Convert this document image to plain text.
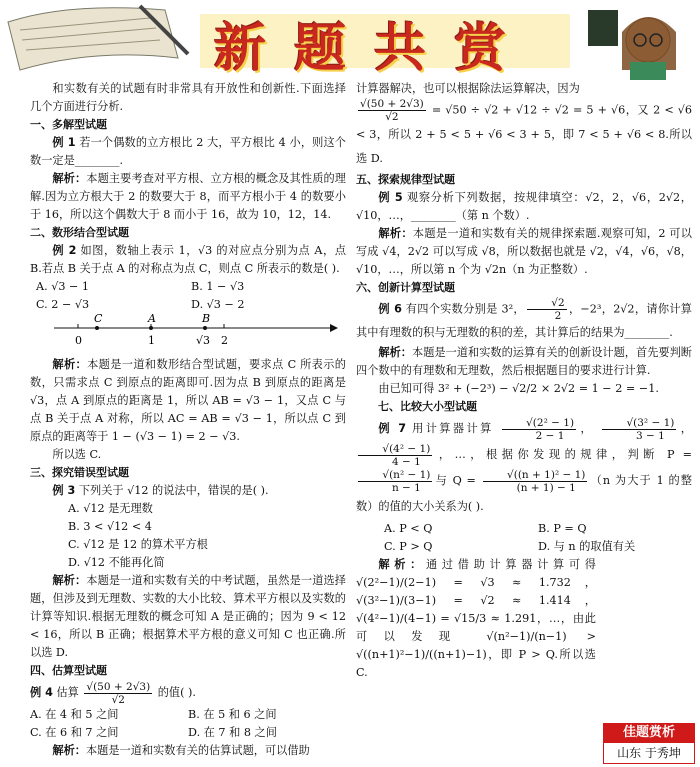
新题共赏

和实数有关的试题有时非常具有开放性和创新性.下面选择几个方面进行分析.

一、多解型试题

例 1 若一个偶数的立方根比 2 大，平方根比 4 小，则这个数一定是________.

解析：本题主要考查对平方根、立方根的概念及其性质的理解.因为立方根大于 2 的数要大于 8，而平方根小于 4 的数要小于 16，所以这个偶数大于 8 而小于 16，故为 10，12，14.

二、数形结合型试题

例 2 如图，数轴上表示 1，√3 的对应点分别为点 A，点 B.若点 B 关于点 A 的对称点为点 C，则点 C 所表示的数是( ).

A. √3 − 1	B. 1 − √3

C. 2 − √3	D. √3 − 2

C	A	B
0	1	√3 2

解析：本题是一道和数形结合型试题，要求点 C 所表示的数，只需求点 C 到原点的距离即可.因为点 B 到原点的距离是 √3，点 A 到原点的距离是 1，所以 AB = √3 − 1，又点 C 与点 B 关于点 A 对称，所以 AC = AB = √3 − 1，所以点 C 到原点的距离等于 1 − (√3 − 1) = 2 − √3.

所以选 C.

三、探究错误型试题

例 3 下列关于 √12 的说法中，错误的是( ).

A. √12 是无理数

B. 3 < √12 < 4

C. √12 是 12 的算术平方根

D. √12 不能再化简

解析：本题是一道和实数有关的中考试题，虽然是一道选择题，但涉及到无理数、实数的大小比较、算术平方根以及实数的计算等知识.根据无理数的概念可知 A 是正确的；因为 9 < 12 < 16，所以 B 正确；根据算术平方根的意义可知 C 也正确.所以选 D.

四、估算型试题

例 4 估算 $\frac{√(50 + 2√3)}{√2}$ 的值( ).

A. 在 4 和 5 之间	B. 在 5 和 6 之间

C. 在 6 和 7 之间	D. 在 7 和 8 之间

解析：本题是一道和实数有关的估算试题，可以借助

计算器解决，也可以根据除法运算解决，因为

$\frac{√(50 + 2√3)}{√2} = √50 \div √2 + √12 \div √2 = 5 + √6$，又 2 < √6 < 3，所以 2 + 5 < 5 + √6 < 3 + 5，即 7 < 5 + √6 < 8.所以选 D.

五、探索规律型试题

例 5 观察分析下列数据，按规律填空：√2，2，√6，2√2，√10，…，________（第 n 个数）.

解析：本题是一道和实数有关的规律探索题.观察可知，2 可以写成 √4，2√2 可以写成 √8，所以数据也就是 √2，√4，√6，√8，√10，…，所以第 n 个为 √2n（n 为正整数）.

六、创新计算型试题

例 6 有四个实数分别是 3²， $\frac{√2}{2}$ ，−2³，2√2，请你计算其中有理数的积与无理数的积的差，其计算后的结果为________.

解析：本题是一道和实数的运算有关的创新设计题，首先要判断四个数中的有理数和无理数，然后根据题目的要求进行计算.

由已知可得 3² + (−2³) − √2/2 × 2√2 = 1 − 2 = −1.

七、比较大小型试题

例 7 用计算器计算 $\frac{\text{√(2² − 1)}}{2 - 1}$ ， $\frac{\text{√(3² − 1)}}{3 - 1}$ ，
$\frac{\text{√(4² − 1)}}{4 - 1}$ ，…，根据你发现的规律，判断 P =
$\frac{\text{√(n² − 1)}}{n - 1}$ 与 $Q = \frac{\text{√((n + 1)² − 1)}}{(n + 1) - 1} (n$ 为大于 1 的整数）的值的大小关系为( ).

A. P < Q	B. P = Q

C. P > Q	D. 与 n 的取值有关

解析：通过借助计算器计算可得 √(2²−1)/(2−1) = √3 ≈ 1.732，√(3²−1)/(3−1) = √2 ≈ 1.414，√(4²−1)/(4−1) = √15/3 ≈ 1.291，…，由此可以发现 √(n²−1)/(n−1) > √((n+1)²−1)/((n+1)−1)，即 P > Q.所以选 C.

佳题赏析
山东 于秀坤
